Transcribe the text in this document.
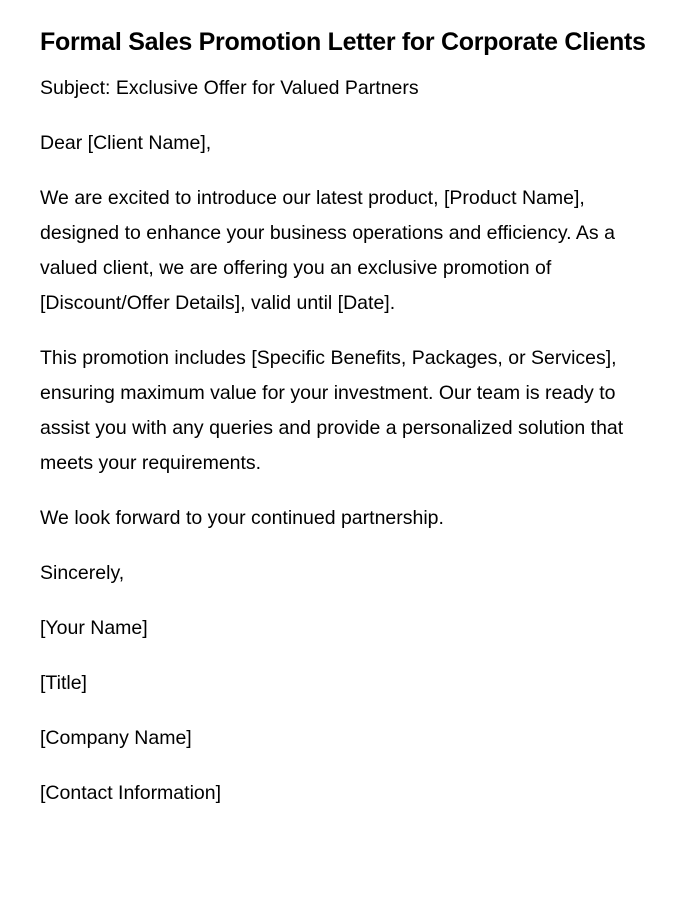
Formal Sales Promotion Letter for Corporate Clients

Subject: Exclusive Offer for Valued Partners

Dear [Client Name],

We are excited to introduce our latest product, [Product Name], designed to enhance your business operations and efficiency. As a valued client, we are offering you an exclusive promotion of [Discount/Offer Details], valid until [Date].

This promotion includes [Specific Benefits, Packages, or Services], ensuring maximum value for your investment. Our team is ready to assist you with any queries and provide a personalized solution that meets your requirements.

We look forward to your continued partnership.

Sincerely,

[Your Name]

[Title]

[Company Name]

[Contact Information]
